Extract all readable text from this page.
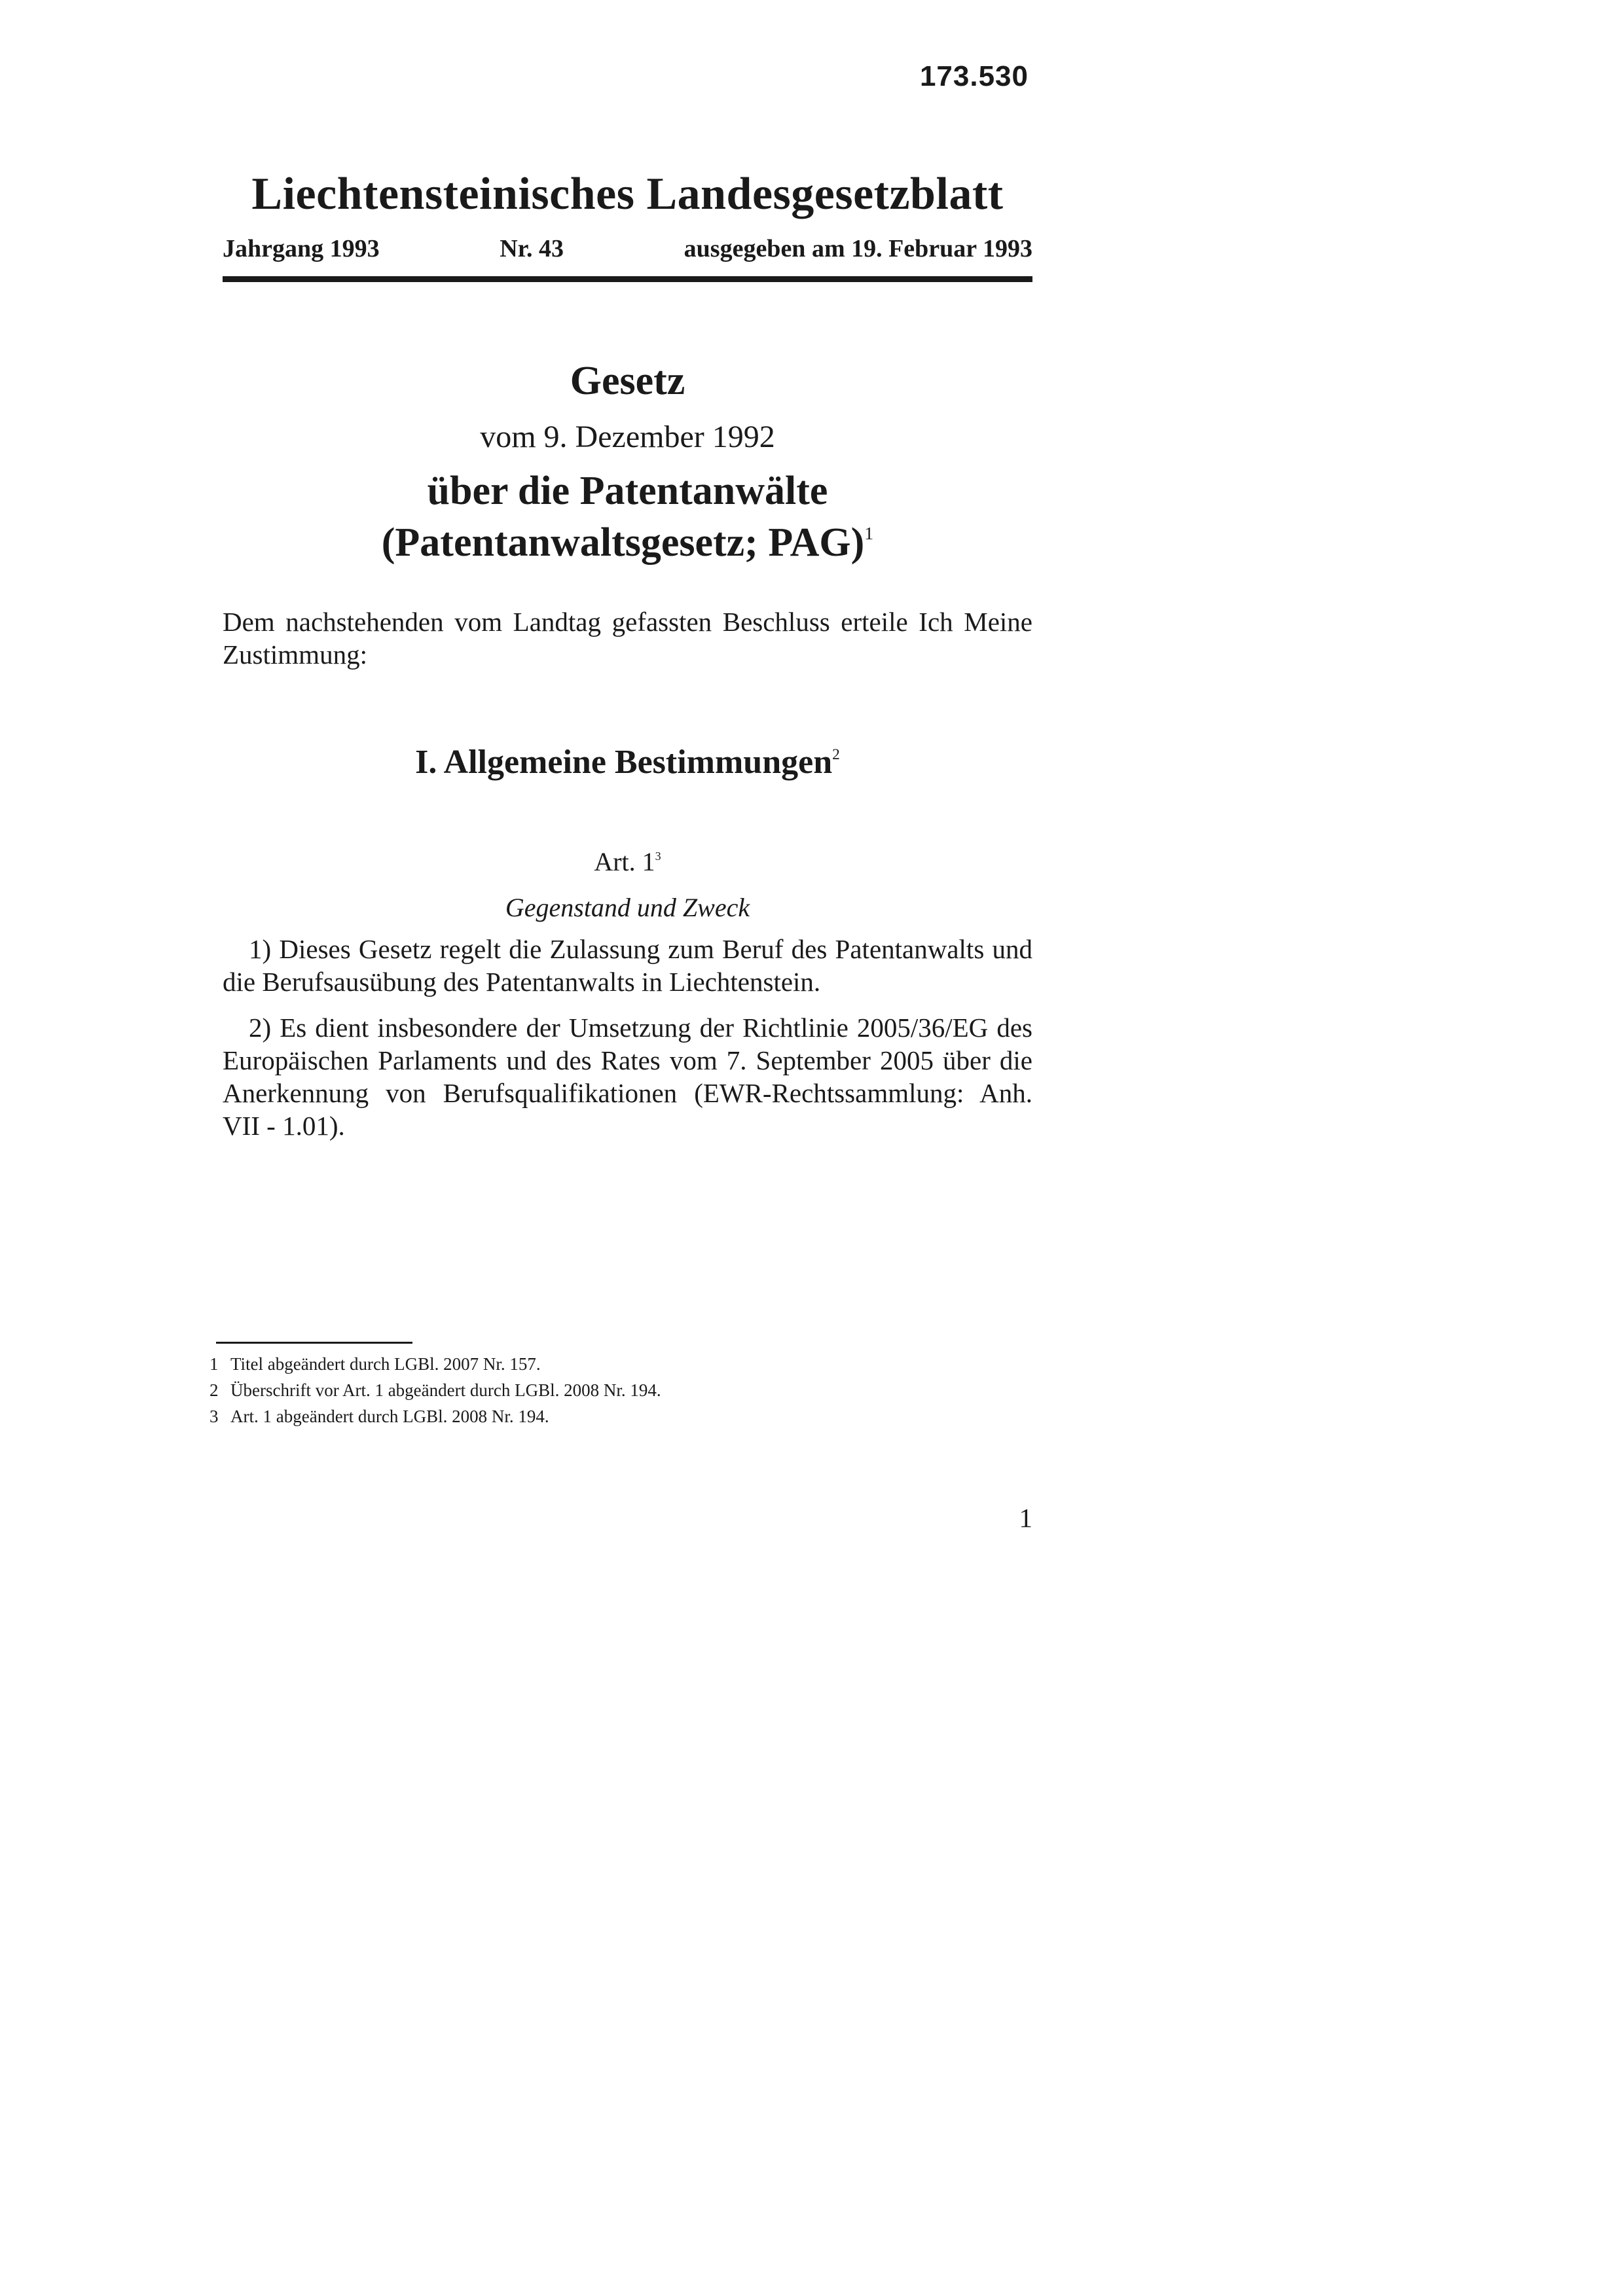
173.530
Liechtensteinisches Landesgesetzblatt
Jahrgang 1993	Nr. 43	ausgegeben am 19. Februar 1993
Gesetz
vom 9. Dezember 1992
über die Patentanwälte
(Patentanwaltsgesetz; PAG)$^1$
Dem nachstehenden vom Landtag gefassten Beschluss erteile Ich Meine Zustimmung:
I. Allgemeine Bestimmungen$^2$
Art. $1^3$
Gegenstand und Zweck

1) Dieses Gesetz regelt die Zulassung zum Beruf des Patentanwalts und die Berufsausübung des Patentanwalts in Liechtenstein.

2) Es dient insbesondere der Umsetzung der Richtlinie 2005/36/EG des Europäischen Parlaments und des Rates vom 7. September 2005 über die Anerkennung von Berufsqualifikationen (EWR-Rechtssammlung: Anh. VII - 1.01).

1 Titel abgeändert durch LGBl. 2007 Nr. 157.
2 Überschrift vor Art. 1 abgeändert durch LGBl. 2008 Nr. 194.
3 Art. 1 abgeändert durch LGBl. 2008 Nr. 194.
1
